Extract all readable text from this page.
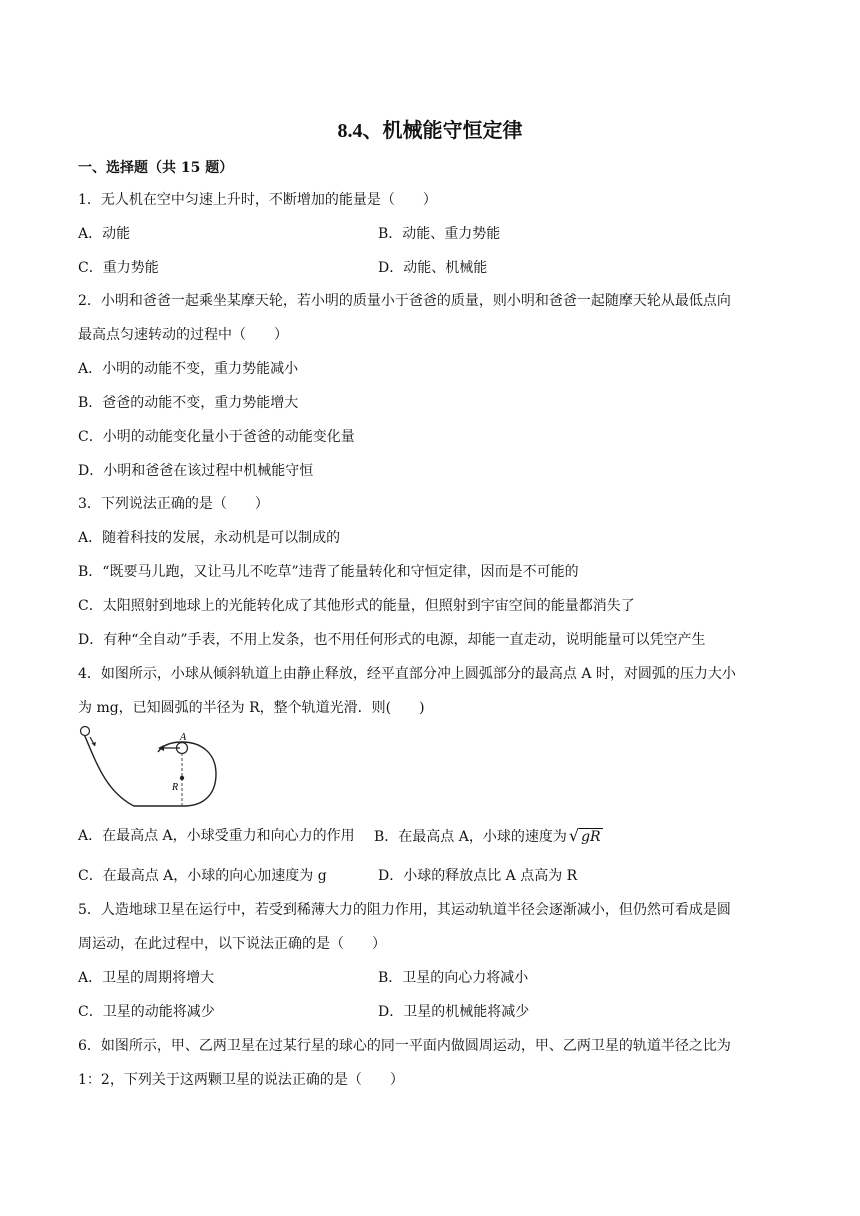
8.4、机械能守恒定律
一、选择题（共 15 题）
1．无人机在空中匀速上升时，不断增加的能量是（　　）
A．动能	B．动能、重力势能
C．重力势能	D．动能、机械能
2．小明和爸爸一起乘坐某摩天轮，若小明的质量小于爸爸的质量，则小明和爸爸一起随摩天轮从最低点向
最高点匀速转动的过程中（　　）
A．小明的动能不变，重力势能减小
B．爸爸的动能不变，重力势能增大
C．小明的动能变化量小于爸爸的动能变化量
D．小明和爸爸在该过程中机械能守恒
3．下列说法正确的是（　　）
A．随着科技的发展，永动机是可以制成的
B．“既要马儿跑，又让马儿不吃草”违背了能量转化和守恒定律，因而是不可能的
C．太阳照射到地球上的光能转化成了其他形式的能量，但照射到宇宙空间的能量都消失了
D．有种“全自动”手表，不用上发条，也不用任何形式的电源，却能一直走动，说明能量可以凭空产生
4．如图所示，小球从倾斜轨道上由静止释放，经平直部分冲上圆弧部分的最高点 A 时，对圆弧的压力大小
为 mg，已知圆弧的半径为 R，整个轨道光滑．则(　　)
A
R
A．在最高点 A，小球受重力和向心力的作用 B．在最高点 A，小球的速度为 √ gR
C．在最高点 A，小球的向心加速度为 g	D．小球的释放点比 A 点高为 R
5．人造地球卫星在运行中，若受到稀薄大力的阻力作用，其运动轨道半径会逐渐减小，但仍然可看成是圆
周运动，在此过程中，以下说法正确的是（　　）
A．卫星的周期将增大	B．卫星的向心力将减小
C．卫星的动能将减少	D．卫星的机械能将减少
6．如图所示，甲、乙两卫星在过某行星的球心的同一平面内做圆周运动，甲、乙两卫星的轨道半径之比为
1：2，下列关于这两颗卫星的说法正确的是（　　）
